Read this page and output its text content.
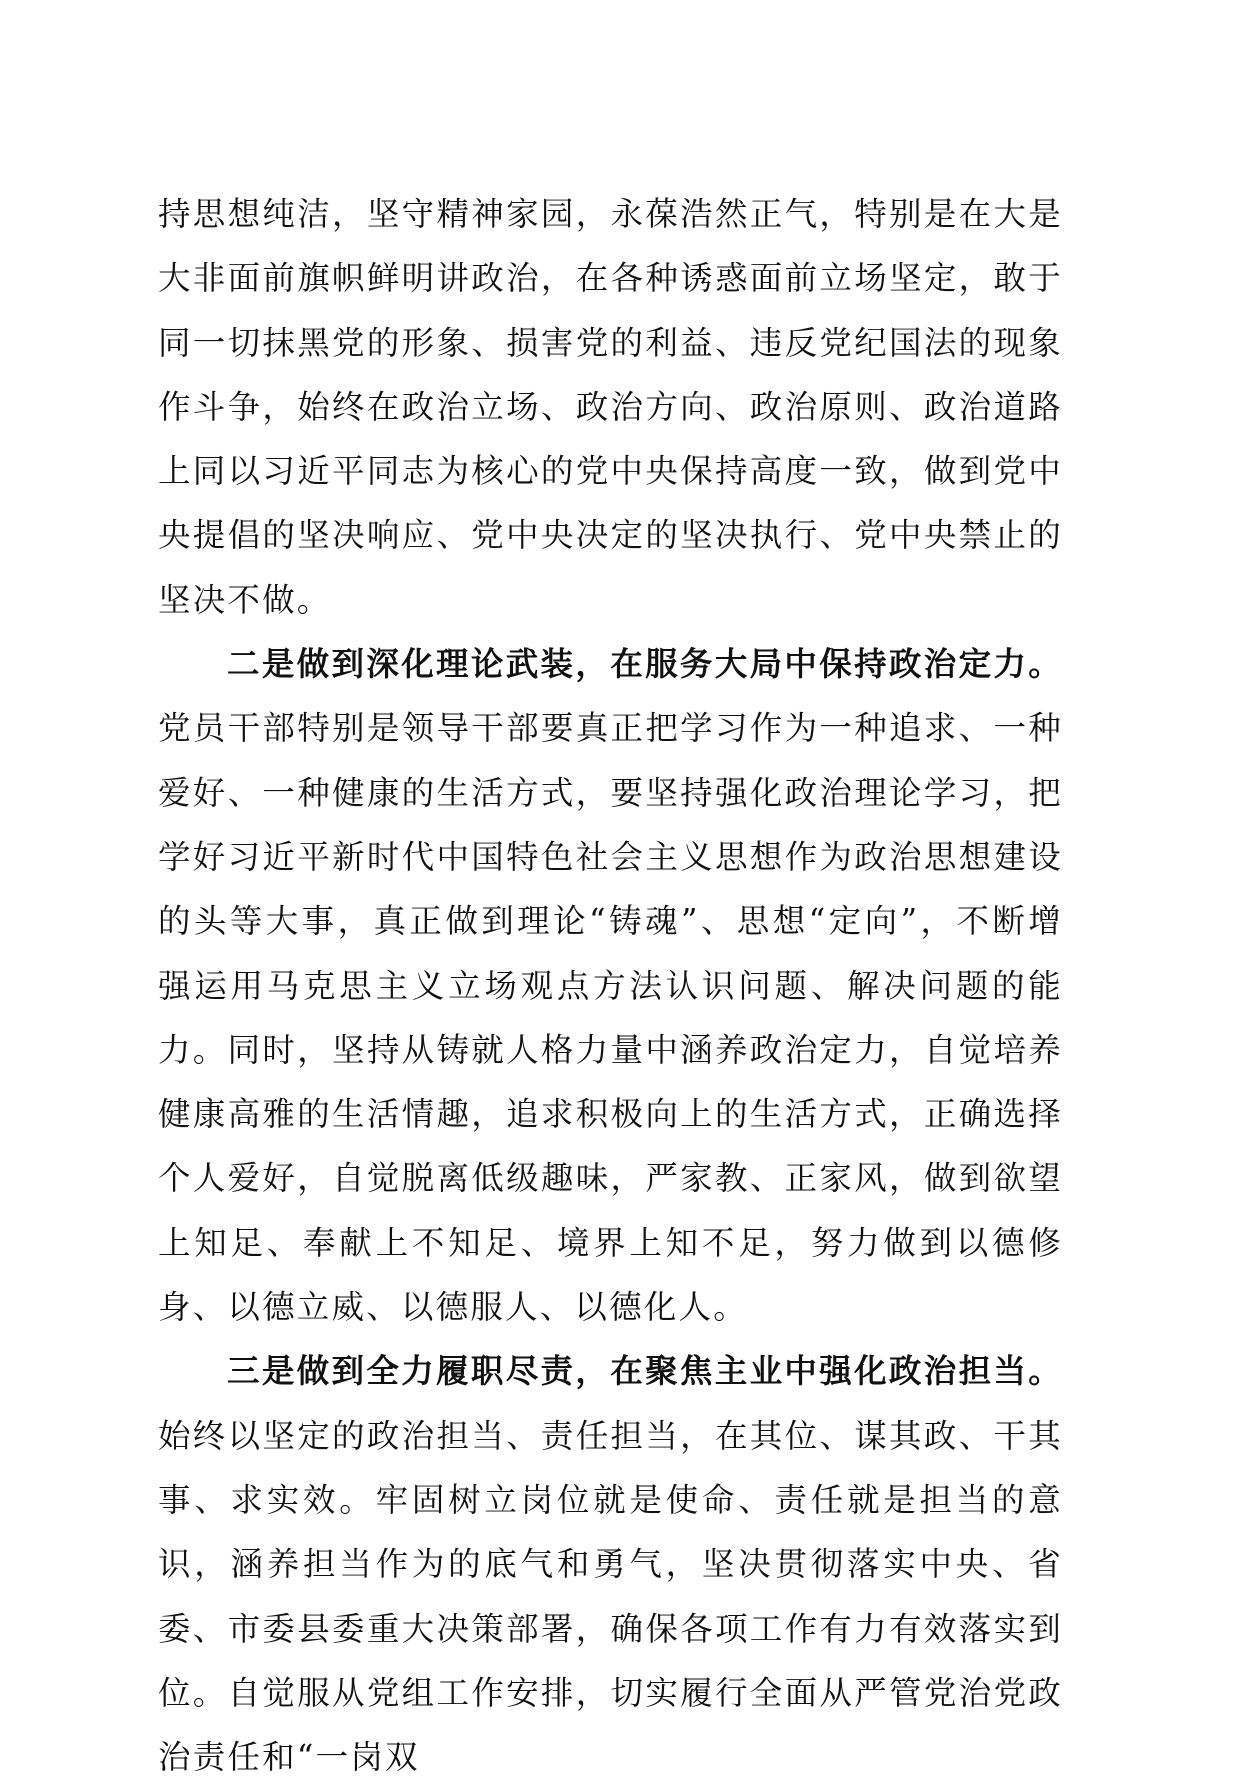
持思想纯洁，坚守精神家园，永葆浩然正气，特别是在大是大非面前旗帜鲜明讲政治，在各种诱惑面前立场坚定，敢于同一切抹黑党的形象、损害党的利益、违反党纪国法的现象作斗争，始终在政治立场、政治方向、政治原则、政治道路上同以习近平同志为核心的党中央保持高度一致，做到党中央提倡的坚决响应、党中央决定的坚决执行、党中央禁止的坚决不做。

二是做到深化理论武装，在服务大局中保持政治定力。党员干部特别是领导干部要真正把学习作为一种追求、一种爱好、一种健康的生活方式，要坚持强化政治理论学习，把学好习近平新时代中国特色社会主义思想作为政治思想建设的头等大事，真正做到理论“铸魂”、思想“定向”，不断增强运用马克思主义立场观点方法认识问题、解决问题的能力。同时，坚持从铸就人格力量中涵养政治定力，自觉培养健康高雅的生活情趣，追求积极向上的生活方式，正确选择个人爱好，自觉脱离低级趣味，严家教、正家风，做到欲望上知足、奉献上不知足、境界上知不足，努力做到以德修身、以德立威、以德服人、以德化人。

三是做到全力履职尽责，在聚焦主业中强化政治担当。始终以坚定的政治担当、责任担当，在其位、谋其政、干其事、求实效。牢固树立岗位就是使命、责任就是担当的意识，涵养担当作为的底气和勇气，坚决贯彻落实中央、省委、市委县委重大决策部署，确保各项工作有力有效落实到位。自觉服从党组工作安排，切实履行全面从严管党治党政治责任和“一岗双
